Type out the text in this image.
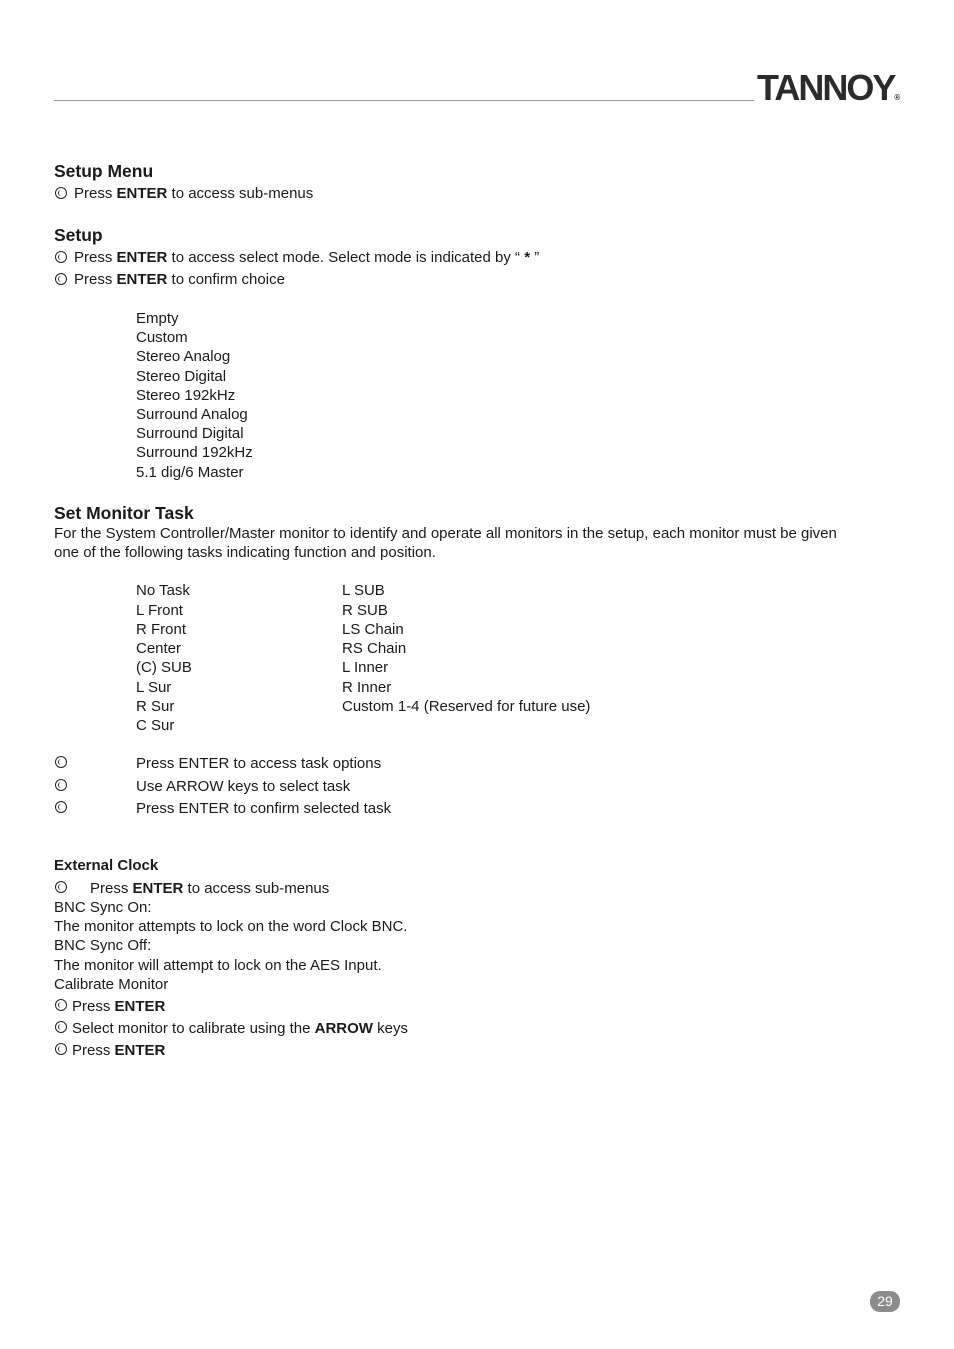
TANNOY®
Setup Menu
Press ENTER to access sub-menus
Setup
Press ENTER to access select mode. Select mode is indicated by “ * ”
Press ENTER to confirm choice
Empty
Custom
Stereo Analog
Stereo Digital
Stereo 192kHz
Surround Analog
Surround Digital
Surround 192kHz
5.1 dig/6 Master
Set Monitor Task
For the System Controller/Master monitor to identify and operate all monitors in the setup, each monitor must be given
one of the following tasks indicating function and position.
No Task
L Front
R Front
Center
(C) SUB
L Sur
R Sur
C Sur
L SUB
R SUB
LS Chain
RS Chain
L Inner
R Inner
Custom 1-4 (Reserved for future use)
Press ENTER to access task options
Use ARROW keys to select task
Press ENTER to confirm selected task
External Clock
Press ENTER to access sub-menus
BNC Sync On:
The monitor attempts to lock on the word Clock BNC.
BNC Sync Off:
The monitor will attempt to lock on the AES Input.
Calibrate Monitor
Press ENTER
Select monitor to calibrate using the ARROW keys
Press ENTER
29
